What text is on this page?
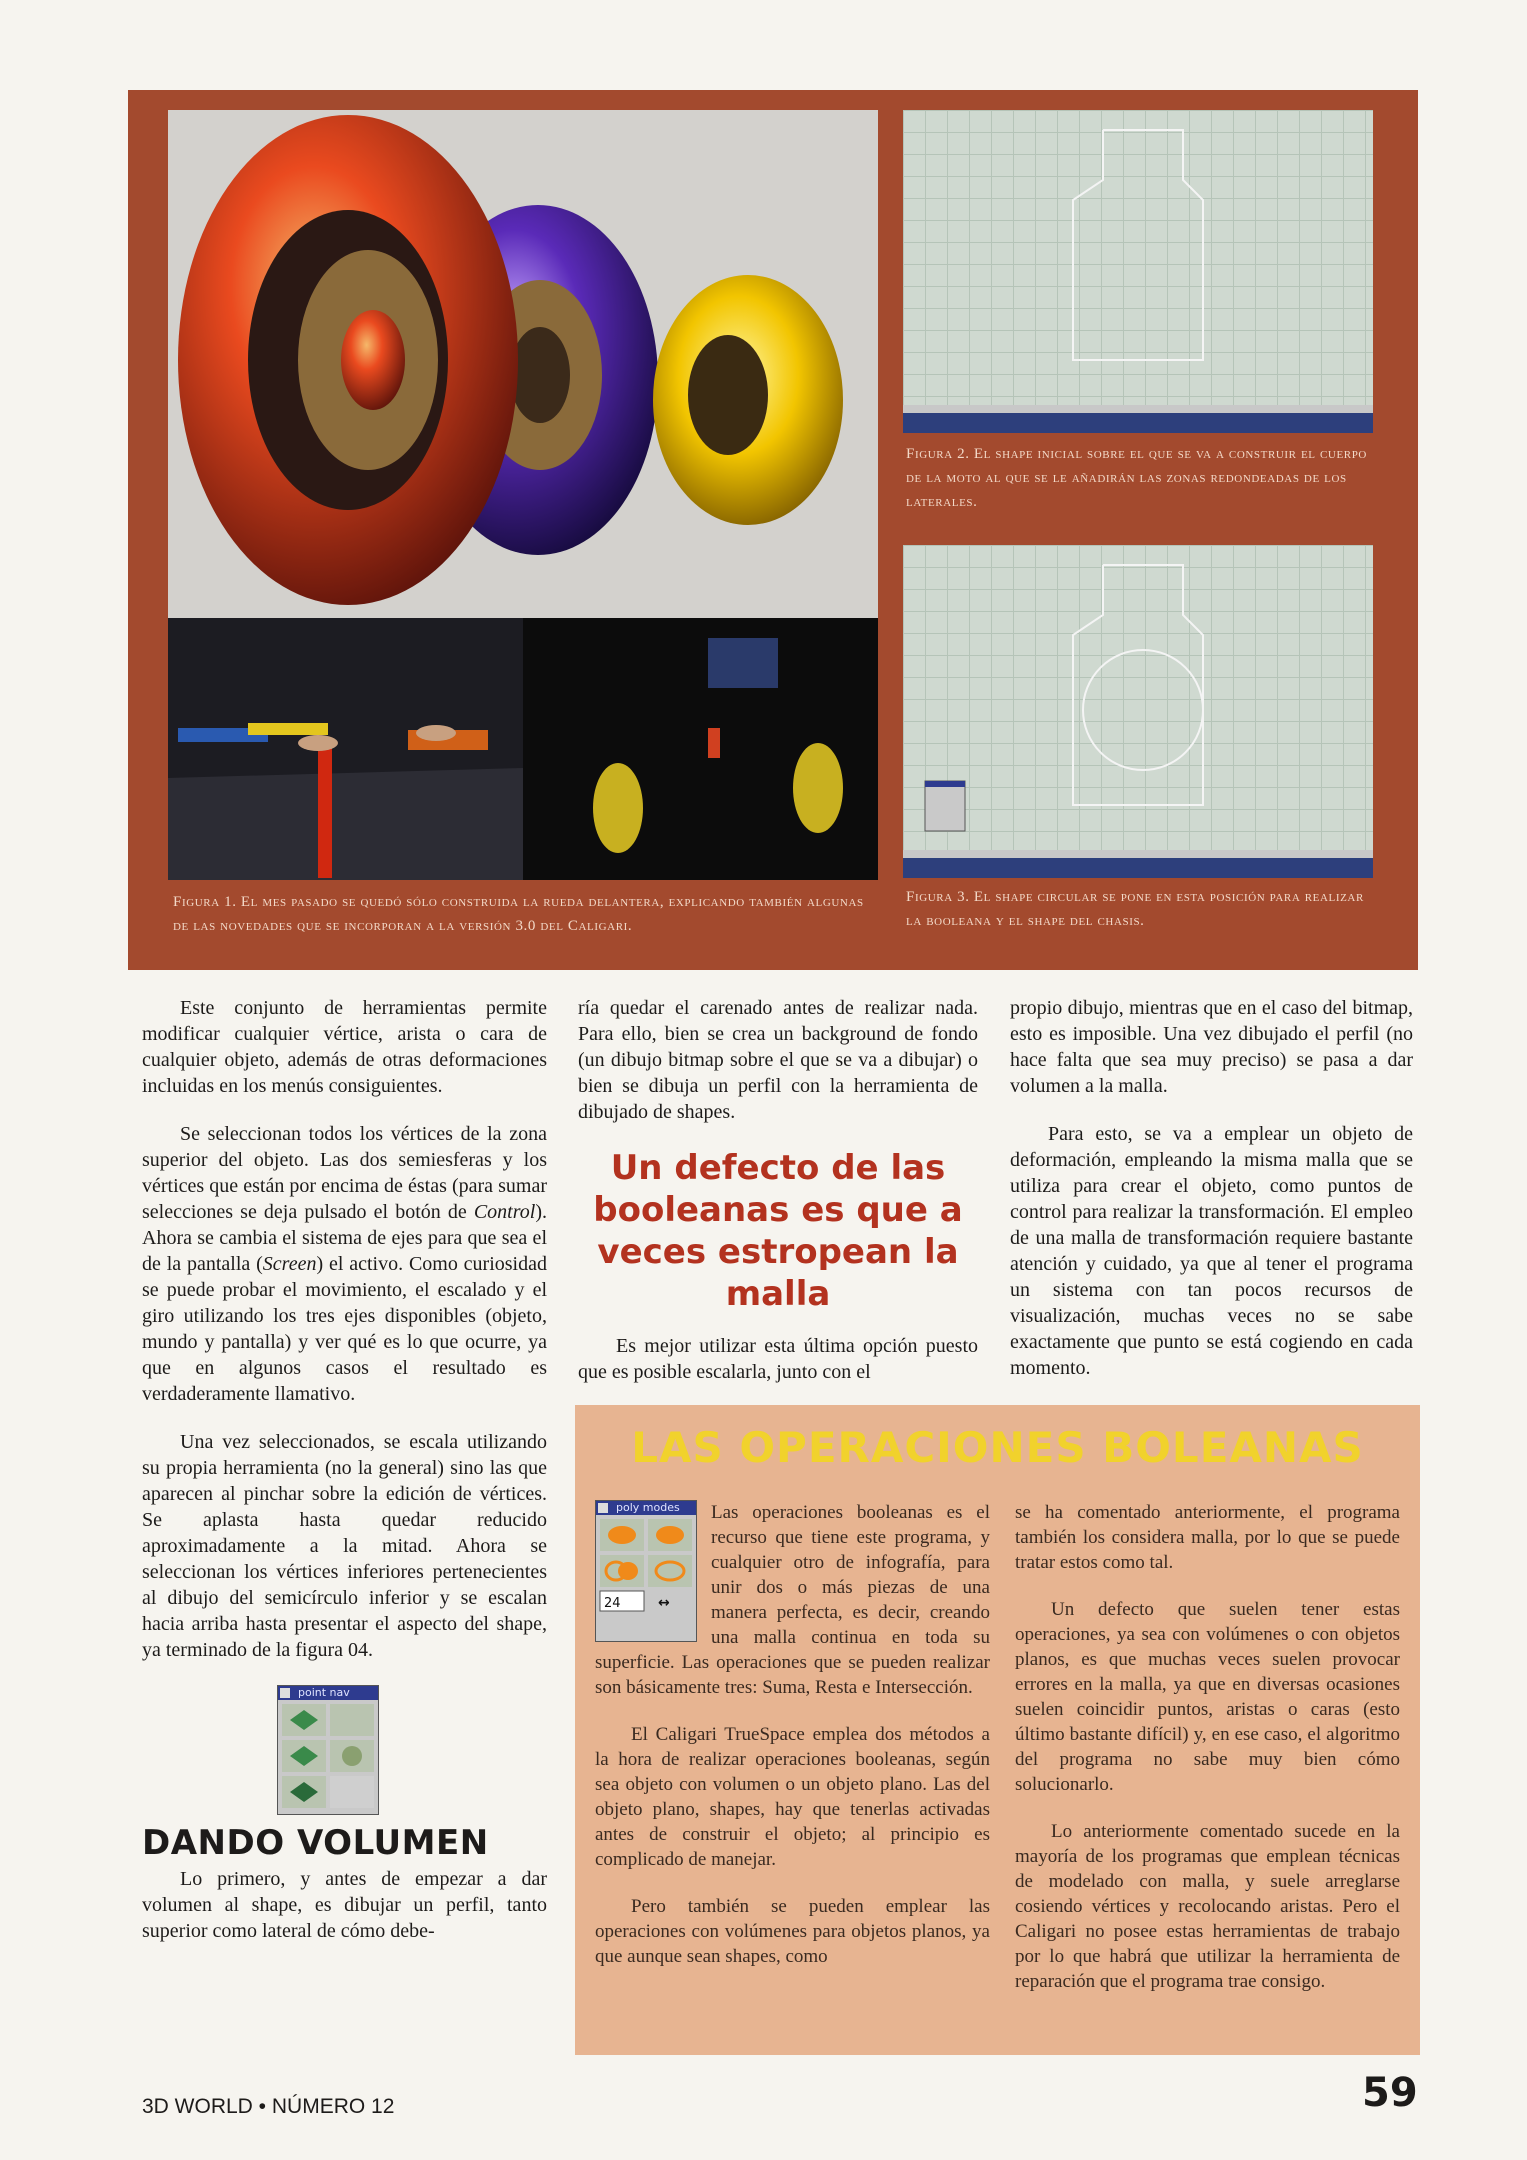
Figura 1. El mes pasado se quedó sólo construida la rueda delantera, explicando también algunas de las novedades que se incorporan a la versión 3.0 del Caligari.
Figura 2. El shape inicial sobre el que se va a construir el cuerpo de la moto al que se le añadirán las zonas redondeadas de los laterales.
Figura 3. El shape circular se pone en esta posición para realizar la booleana y el shape del chasis.

Este conjunto de herramientas permite modificar cualquier vértice, arista o cara de cualquier objeto, además de otras deformaciones incluidas en los menús consiguientes.

Se seleccionan todos los vértices de la zona superior del objeto. Las dos semiesferas y los vértices que están por encima de éstas (para sumar selecciones se deja pulsado el botón de Control). Ahora se cambia el sistema de ejes para que sea el de la pantalla (Screen) el activo. Como curiosidad se puede probar el movimiento, el escalado y el giro utilizando los tres ejes disponibles (objeto, mundo y pantalla) y ver qué es lo que ocurre, ya que en algunos casos el resultado es verdaderamente llamativo.

Una vez seleccionados, se escala utilizando su propia herramienta (no la general) sino las que aparecen al pinchar sobre la edición de vértices. Se aplasta hasta quedar reducido aproximadamente a la mitad. Ahora se seleccionan los vértices inferiores pertenecientes al dibujo del semicírculo inferior y se escalan hacia arriba hasta presentar el aspecto del shape, ya terminado de la figura 04.

point nav
DANDO VOLUMEN

Lo primero, y antes de empezar a dar volumen al shape, es dibujar un perfil, tanto superior como lateral de cómo debe-

ría quedar el carenado antes de realizar nada. Para ello, bien se crea un background de fondo (un dibujo bitmap sobre el que se va a dibujar) o bien se dibuja un perfil con la herramienta de dibujado de shapes.

Un defecto de las booleanas es que a veces estropean la malla

Es mejor utilizar esta última opción puesto que es posible escalarla, junto con el

propio dibujo, mientras que en el caso del bitmap, esto es imposible. Una vez dibujado el perfil (no hace falta que sea muy preciso) se pasa a dar volumen a la malla.

Para esto, se va a emplear un objeto de deformación, empleando la misma malla que se utiliza para crear el objeto, como puntos de control para realizar la transformación. El empleo de una malla de transformación requiere bastante atención y cuidado, ya que al tener el programa un sistema con tan pocos recursos de visualización, muchas veces no se sabe exactamente que punto se está cogiendo en cada momento.

LAS OPERACIONES BOLEANAS
poly modes
24	↔

Las operaciones booleanas es el recurso que tiene este programa, y cualquier otro de infografía, para unir dos o más piezas de una manera perfecta, es decir, creando una malla continua en toda su superficie. Las operaciones que se pueden realizar son básicamente tres: Suma, Resta e Intersección.

El Caligari TrueSpace emplea dos métodos a la hora de realizar operaciones booleanas, según sea objeto con volumen o un objeto plano. Las del objeto plano, shapes, hay que tenerlas activadas antes de construir el objeto; al principio es complicado de manejar.

Pero también se pueden emplear las operaciones con volúmenes para objetos planos, ya que aunque sean shapes, como

se ha comentado anteriormente, el programa también los considera malla, por lo que se puede tratar estos como tal.

Un defecto que suelen tener estas operaciones, ya sea con volúmenes o con objetos planos, es que muchas veces suelen provocar errores en la malla, ya que en diversas ocasiones suelen coincidir puntos, aristas o caras (esto último bastante difícil) y, en ese caso, el algoritmo del programa no sabe muy bien cómo solucionarlo.

Lo anteriormente comentado sucede en la mayoría de los programas que emplean técnicas de modelado con malla, y suele arreglarse cosiendo vértices y recolocando aristas. Pero el Caligari no posee estas herramientas de trabajo por lo que habrá que utilizar la herramienta de reparación que el programa trae consigo.

3D WORLD • NÚMERO 12	59
